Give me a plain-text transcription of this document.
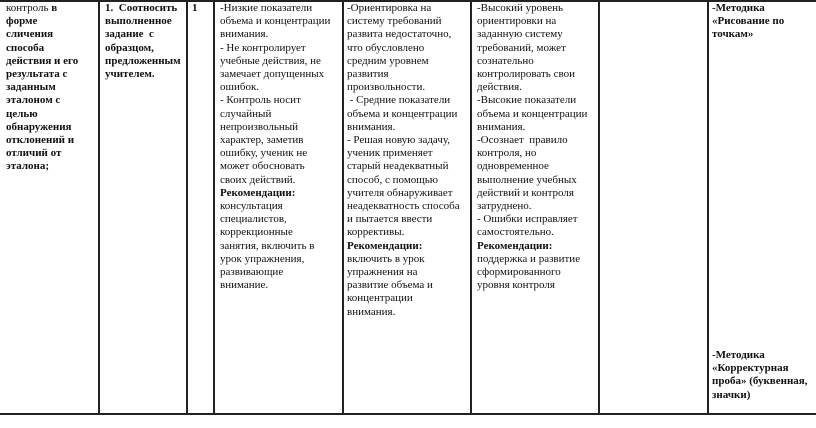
контроль в

форме

сличения

способа

действия и его

результата с

заданным

эталоном с

целью

обнаружения

отклонений и

отличий от

эталона;

1.  Соотносить

выполненное

задание  с

образцом,

предложенным

учителем.

1	-Низкие показатели

объема и концентрации

внимания.

- Не контролирует

учебные действия, не

замечает допущенных

ошибок.

- Контроль носит

случайный

непроизвольный

характер, заметив

ошибку, ученик не

может обосновать

своих действий.

Рекомендации:

консультация

специалистов,

коррекционные

занятия, включить в

урок упражнения,

развивающие

внимание.

-Ориентировка на

систему требований

развита недостаточно,

что обусловлено

средним уровнем

развития

произвольности.

- Средние показатели

объема и концентрации

внимания.

- Решая новую задачу,

ученик применяет

старый неадекватный

способ, с помощью

учителя обнаруживает

неадекватность способа

и пытается ввести

коррективы.

Рекомендации:

включить в урок

упражнения на

развитие объема и

концентрации

внимания.

-Высокий уровень

ориентировки на

заданную систему

требований, может

сознательно

контролировать свои

действия.

-Высокие показатели

объема и концентрации

внимания.

-Осознает  правило

контроля, но

одновременное

выполнение учебных

действий и контроля

затруднено.

- Ошибки исправляет

самостоятельно.

Рекомендации:

поддержка и развитие

сформированного

уровня контроля

-Методика

«Рисование по

точкам»

-Методика

«Корректурная

проба» (буквенная,

значки)
